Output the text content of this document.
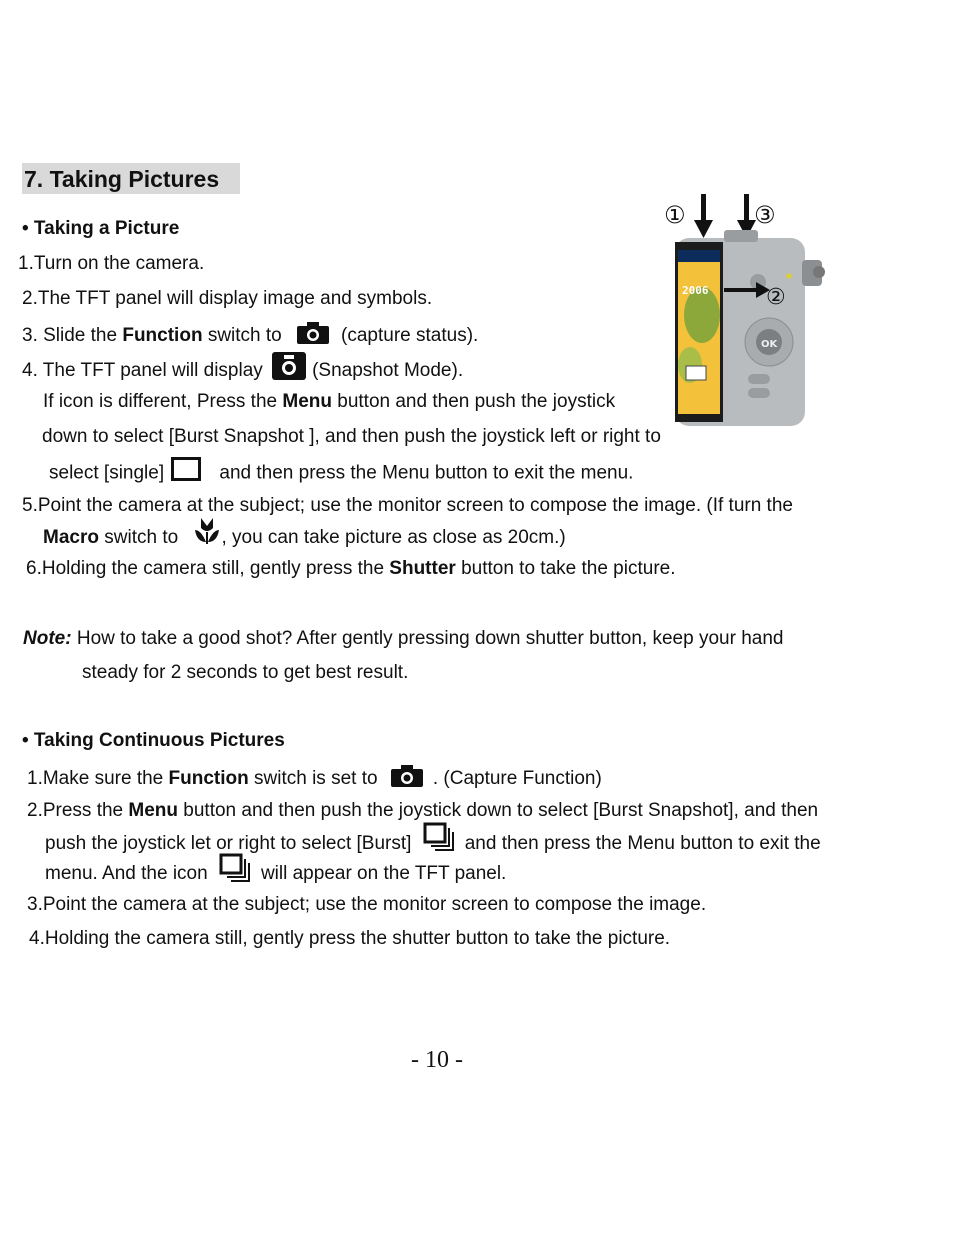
7. Taking Pictures
①	③
2006
OK
②
• Taking a Picture
1.Turn on the camera.
2.The TFT panel will display image and symbols.
3. Slide the Function switch to	(capture status).
4. The TFT panel will display	(Snapshot Mode).
If icon is different, Press the Menu button and then push the joystick
down to select [Burst Snapshot ], and then push the joystick left or right to
select [single]	and then press the Menu button to exit the menu.
5.Point the camera at the subject; use the monitor screen to compose the image. (If turn the
Macro switch to , you can take picture as close as 20cm.)
6.Holding the camera still, gently press the Shutter button to take the picture.
Note: How to take a good shot? After gently pressing down shutter button, keep your hand
steady for 2 seconds to get best result.
• Taking Continuous Pictures
1.Make sure the Function switch is set to	. (Capture Function)
2.Press the Menu button and then push the joystick down to select [Burst Snapshot], and then
push the joystick let or right to select [Burst]	and then press the Menu button to exit the
menu. And the icon	will appear on the TFT panel.
3.Point the camera at the subject; use the monitor screen to compose the image.
4.Holding the camera still, gently press the shutter button to take the picture.
- 10 -
